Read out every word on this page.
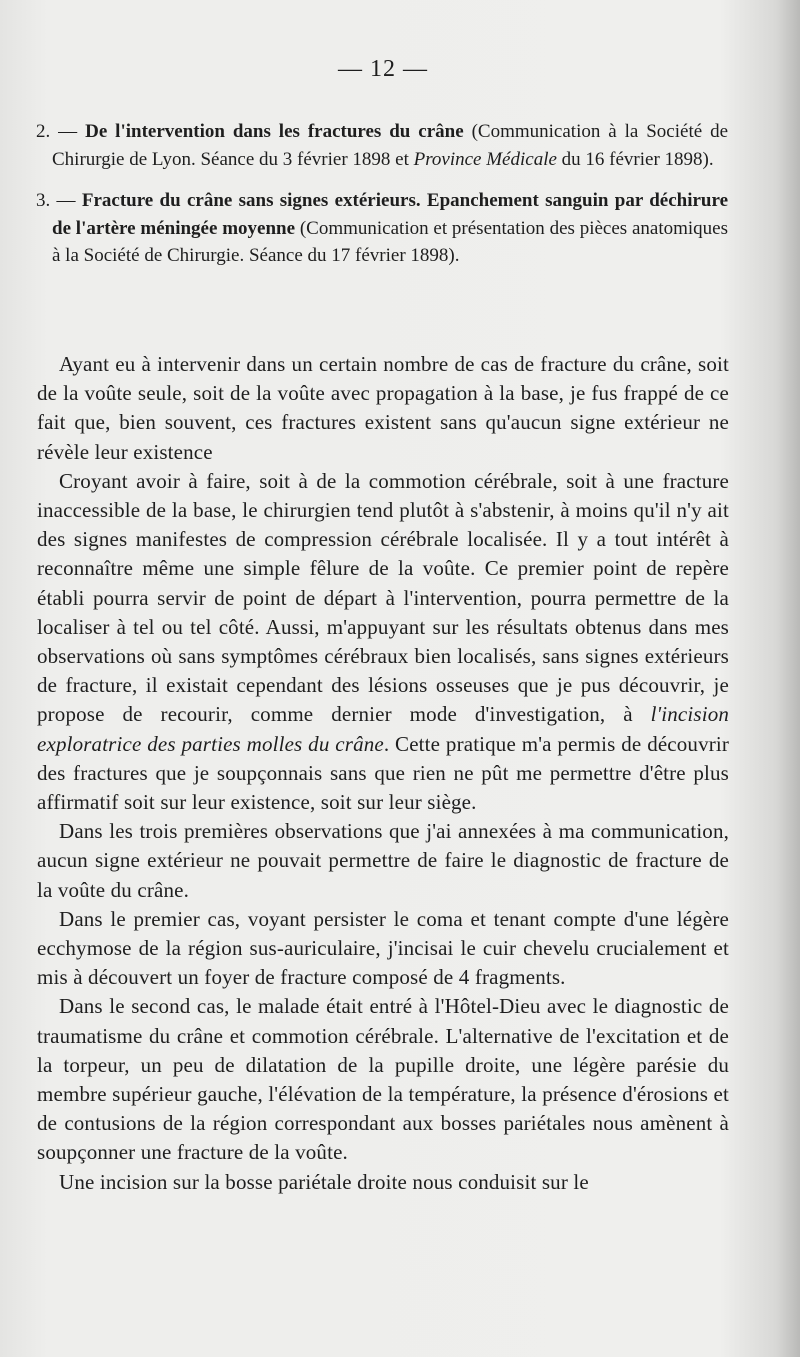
— 12 —

2. — De l'intervention dans les fractures du crâne (Communication à la Société de Chirurgie de Lyon. Séance du 3 février 1898 et Province Médicale du 16 février 1898).

3. — Fracture du crâne sans signes extérieurs. Epanchement sanguin par déchirure de l'artère méningée moyenne (Communication et présentation des pièces anatomiques à la Société de Chirurgie. Séance du 17 février 1898).

Ayant eu à intervenir dans un certain nombre de cas de fracture du crâne, soit de la voûte seule, soit de la voûte avec propagation à la base, je fus frappé de ce fait que, bien souvent, ces fractures existent sans qu'aucun signe extérieur ne révèle leur existence

Croyant avoir à faire, soit à de la commotion cérébrale, soit à une fracture inaccessible de la base, le chirurgien tend plutôt à s'abstenir, à moins qu'il n'y ait des signes manifestes de compression cérébrale localisée. Il y a tout intérêt à reconnaître même une simple fêlure de la voûte. Ce premier point de repère établi pourra servir de point de départ à l'intervention, pourra permettre de la localiser à tel ou tel côté. Aussi, m'appuyant sur les résultats obtenus dans mes observations où sans symptômes cérébraux bien localisés, sans signes extérieurs de fracture, il existait cependant des lésions osseuses que je pus découvrir, je propose de recourir, comme dernier mode d'investigation, à l'incision exploratrice des parties molles du crâne. Cette pratique m'a permis de découvrir des fractures que je soupçonnais sans que rien ne pût me permettre d'être plus affirmatif soit sur leur existence, soit sur leur siège.

Dans les trois premières observations que j'ai annexées à ma communication, aucun signe extérieur ne pouvait permettre de faire le diagnostic de fracture de la voûte du crâne.

Dans le premier cas, voyant persister le coma et tenant compte d'une légère ecchymose de la région sus-auriculaire, j'incisai le cuir chevelu crucialement et mis à découvert un foyer de fracture composé de 4 fragments.

Dans le second cas, le malade était entré à l'Hôtel-Dieu avec le diagnostic de traumatisme du crâne et commotion cérébrale. L'alternative de l'excitation et de la torpeur, un peu de dilatation de la pupille droite, une légère parésie du membre supérieur gauche, l'élévation de la température, la présence d'érosions et de contusions de la région correspondant aux bosses pariétales nous amènent à soupçonner une fracture de la voûte.

Une incision sur la bosse pariétale droite nous conduisit sur le
